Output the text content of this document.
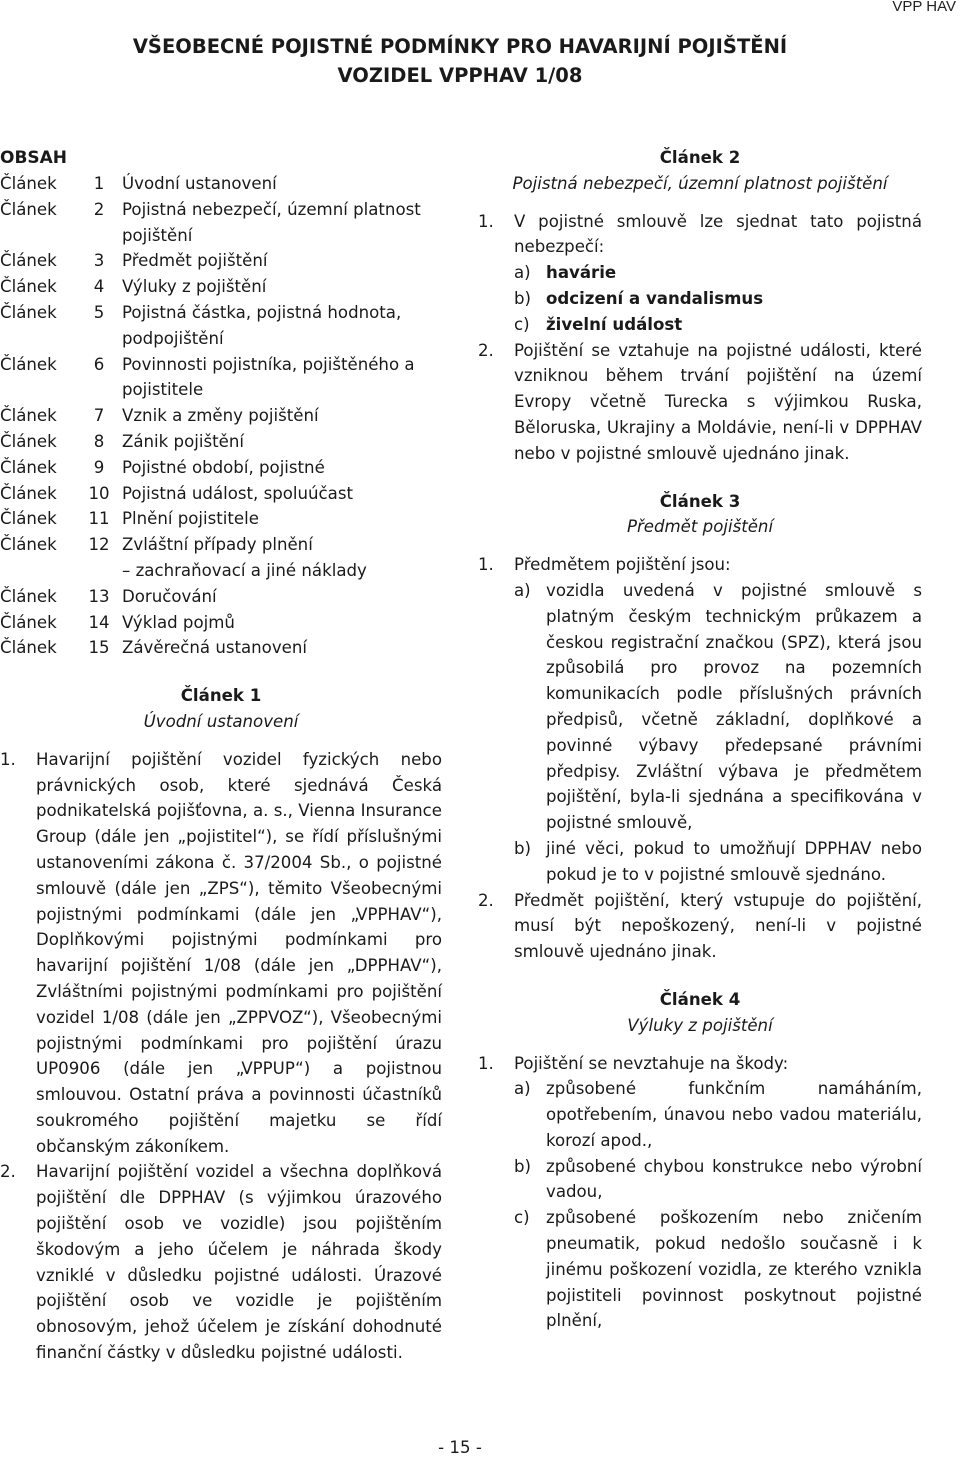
VPP HAV
VŠEOBECNÉ POJISTNÉ PODMÍNKY PRO HAVARIJNÍ POJIŠTĚNÍ
VOZIDEL VPPHAV 1/08
OBSAH
Článek	1	Úvodní ustanovení
Článek	2	Pojistná nebezpečí, územní platnost pojištění
Článek	3	Předmět pojištění
Článek	4	Výluky z pojištění
Článek	5	Pojistná částka, pojistná hodnota, podpojištění
Článek	6	Povinnosti pojistníka, pojištěného a pojistitele
Článek	7	Vznik a změny pojištění
Článek	8	Zánik pojištění
Článek	9	Pojistné období, pojistné
Článek	10 Pojistná událost, spoluúčast
Článek	11 Plnění pojistitele
Článek	12 Zvláštní případy plnění
– zachraňovací a jiné náklady
Článek	13 Doručování
Článek	14 Výklad pojmů
Článek	15 Závěrečná ustanovení
Článek 1
Úvodní ustanovení
1.	Havarijní pojištění vozidel fyzických nebo právnických osob, které sjednává Česká podnikatelská pojišťovna, a. s., Vienna Insurance Group (dále jen „pojistitel“), se řídí příslušnými ustanoveními zákona č. 37/2004 Sb., o pojistné smlouvě (dále jen „ZPS“), těmito Všeobecnými pojistnými podmínkami (dále jen „VPPHAV“), Doplňkovými pojistnými podmínkami pro havarijní pojištění 1/08 (dále jen „DPPHAV“), Zvláštními pojistnými podmínkami pro pojištění vozidel 1/08 (dále jen „ZPPVOZ“), Všeobecnými pojistnými podmínkami pro pojištění úrazu UP0906 (dále jen „VPPUP“) a pojistnou smlouvou. Ostatní práva a povinnosti účastníků soukromého pojištění majetku se řídí občanským zákoníkem.
2.	Havarijní pojištění vozidel a všechna doplňková pojištění dle DPPHAV (s výjimkou úrazového pojištění osob ve vozidle) jsou pojištěním škodovým a jeho účelem je náhrada škody vzniklé v důsledku pojistné události. Úrazové pojištění osob ve vozidle je pojištěním obnosovým, jehož účelem je získání dohodnuté finanční částky v důsledku pojistné události.
Článek 2
Pojistná nebezpečí, územní platnost pojištění
1.	V pojistné smlouvě lze sjednat tato pojistná nebezpečí:
a) havárie
b) odcizení a vandalismus
c) živelní událost
2.	Pojištění se vztahuje na pojistné události, které vzniknou během trvání pojištění na území Evropy včetně Turecka s výjimkou Ruska, Běloruska, Ukrajiny a Moldávie, není-li v DPPHAV nebo v pojistné smlouvě ujednáno jinak.
Článek 3
Předmět pojištění
1.	Předmětem pojištění jsou:
a) vozidla uvedená v pojistné smlouvě s platným českým technickým průkazem a českou registrační značkou (SPZ), která jsou způsobilá pro provoz na pozemních komunikacích podle příslušných právních předpisů, včetně základní, doplňkové a povinné výbavy předepsané právními předpisy. Zvláštní výbava je předmětem pojištění, byla-li sjednána a specifikována v pojistné smlouvě,
b) jiné věci, pokud to umožňují DPPHAV nebo pokud je to v pojistné smlouvě sjednáno.
2.	Předmět pojištění, který vstupuje do pojištění, musí být nepoškozený, není-li v pojistné smlouvě ujednáno jinak.
Článek 4
Výluky z pojištění
1.	Pojištění se nevztahuje na škody:
a) způsobené funkčním namáháním, opotřebením, únavou nebo vadou materiálu, korozí apod.,
b) způsobené chybou konstrukce nebo výrobní vadou,
c) způsobené poškozením nebo zničením pneumatik, pokud nedošlo současně i k jinému poškození vozidla, ze kterého vznikla pojistiteli povinnost poskytnout pojistné plnění,
- 15 -
